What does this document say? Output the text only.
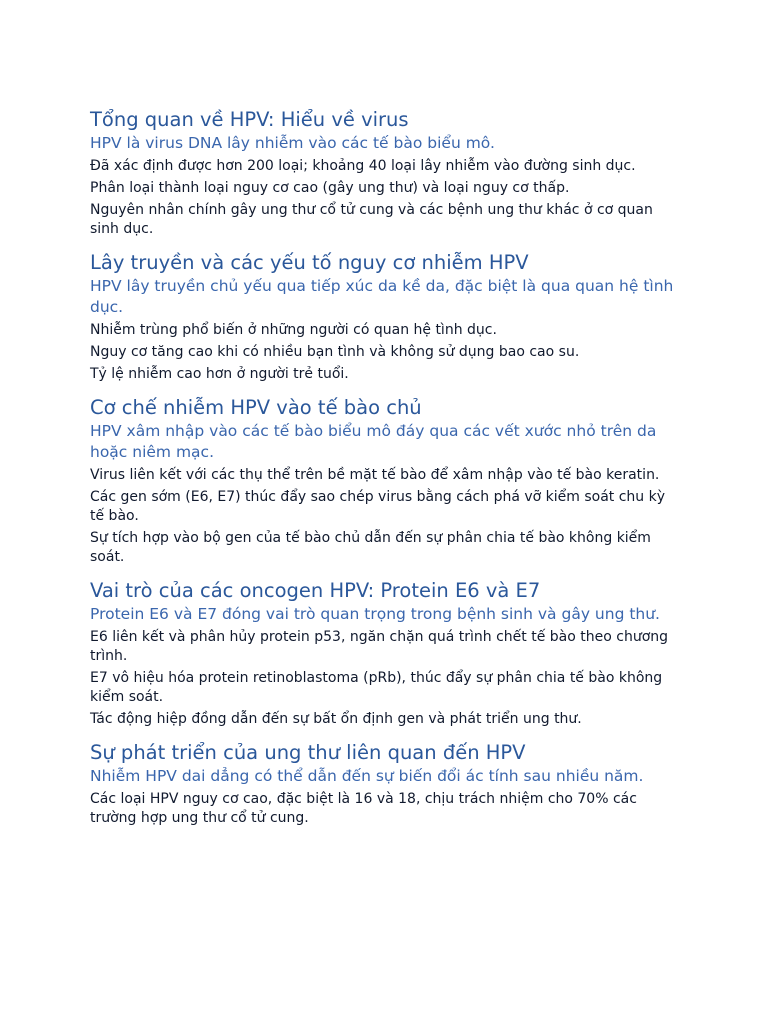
Tổng quan về HPV: Hiểu về virus

HPV là virus DNA lây nhiễm vào các tế bào biểu mô.

Đã xác định được hơn 200 loại; khoảng 40 loại lây nhiễm vào đường sinh dục.
Phân loại thành loại nguy cơ cao (gây ung thư) và loại nguy cơ thấp.
Nguyên nhân chính gây ung thư cổ tử cung và các bệnh ung thư khác ở cơ quan sinh dục.
Lây truyền và các yếu tố nguy cơ nhiễm HPV

HPV lây truyền chủ yếu qua tiếp xúc da kề da, đặc biệt là qua quan hệ tình dục.

Nhiễm trùng phổ biến ở những người có quan hệ tình dục.
Nguy cơ tăng cao khi có nhiều bạn tình và không sử dụng bao cao su.
Tỷ lệ nhiễm cao hơn ở người trẻ tuổi.
Cơ chế nhiễm HPV vào tế bào chủ

HPV xâm nhập vào các tế bào biểu mô đáy qua các vết xước nhỏ trên da hoặc niêm mạc.

Virus liên kết với các thụ thể trên bề mặt tế bào để xâm nhập vào tế bào keratin.
Các gen sớm (E6, E7) thúc đẩy sao chép virus bằng cách phá vỡ kiểm soát chu kỳ tế bào.
Sự tích hợp vào bộ gen của tế bào chủ dẫn đến sự phân chia tế bào không kiểm soát.
Vai trò của các oncogen HPV: Protein E6 và E7

Protein E6 và E7 đóng vai trò quan trọng trong bệnh sinh và gây ung thư.

E6 liên kết và phân hủy protein p53, ngăn chặn quá trình chết tế bào theo chương trình.
E7 vô hiệu hóa protein retinoblastoma (pRb), thúc đẩy sự phân chia tế bào không kiểm soát.
Tác động hiệp đồng dẫn đến sự bất ổn định gen và phát triển ung thư.
Sự phát triển của ung thư liên quan đến HPV

Nhiễm HPV dai dẳng có thể dẫn đến sự biến đổi ác tính sau nhiều năm.

Các loại HPV nguy cơ cao, đặc biệt là 16 và 18, chịu trách nhiệm cho 70% các trường hợp ung thư cổ tử cung.
